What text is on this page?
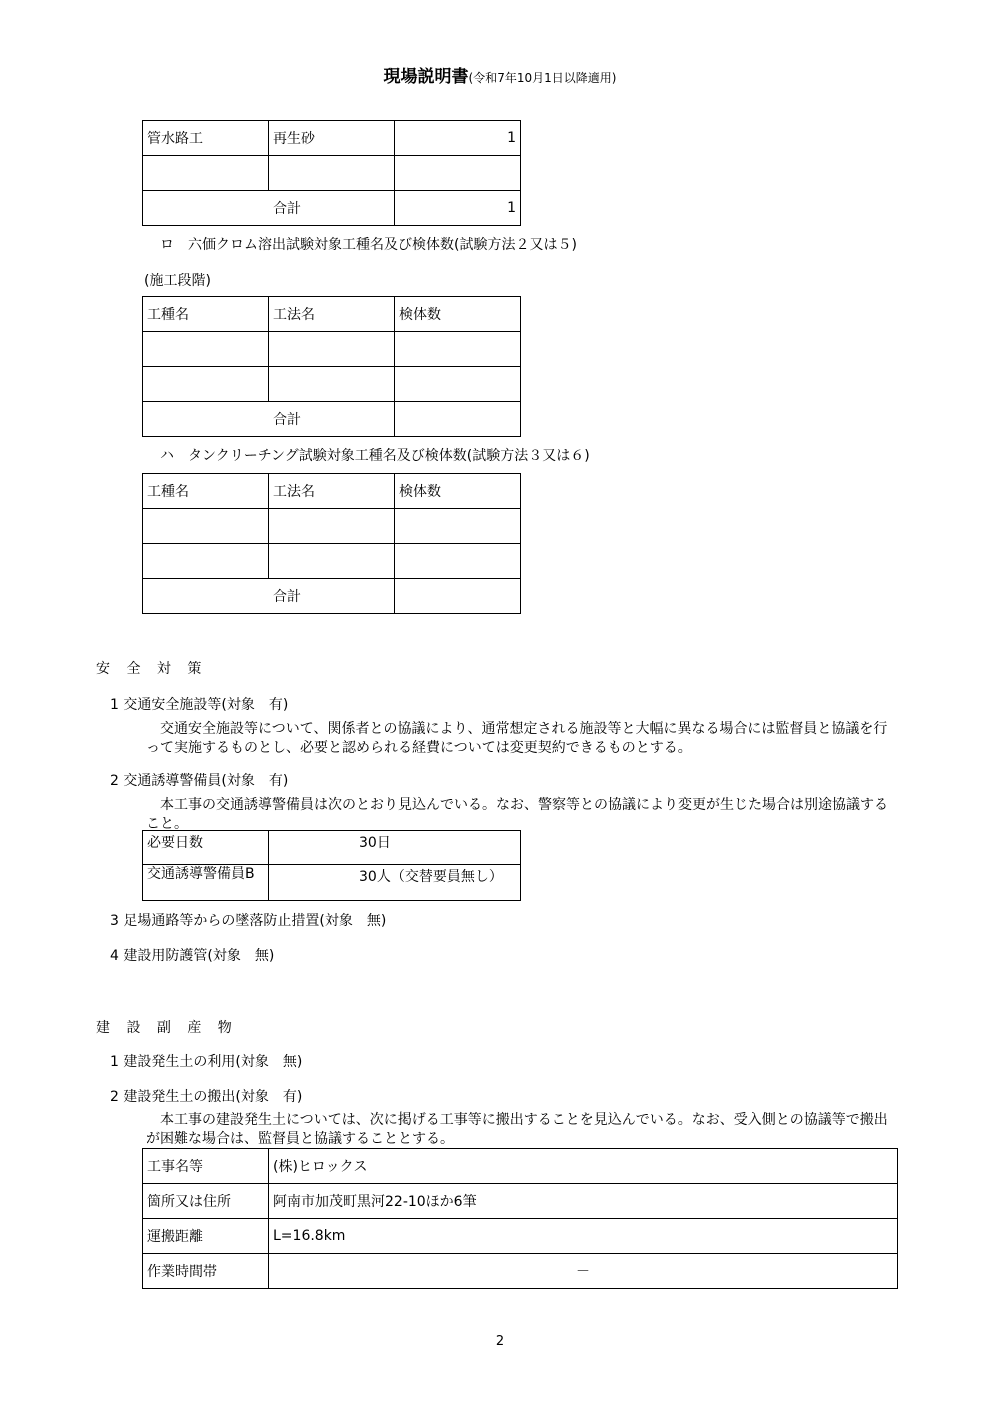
現場説明書(令和7年10月1日以降適用)
管水路工	再生砂	1

合計		1
ロ　六価クロム溶出試験対象工種名及び検体数(試験方法２又は５)
(施工段階)
工種名	工法名	検体数

合計		
ハ　タンクリーチング試験対象工種名及び検体数(試験方法３又は６)
工種名	工法名	検体数

合計		
安 全 対 策
1 交通安全施設等(対象　有)
交通安全施設等について、関係者との協議により、通常想定される施設等と大幅に異なる場合には監督員と協議を行って実施するものとし、必要と認められる経費については変更契約できるものとする。
2 交通誘導警備員(対象　有)
本工事の交通誘導警備員は次のとおり見込んでいる。なお、警察等との協議により変更が生じた場合は別途協議すること。
必要日数	30日
交通誘導警備員B	30人（交替要員無し）
3 足場通路等からの墜落防止措置(対象　無)
4 建設用防護管(対象　無)
建 設 副 産 物
1 建設発生土の利用(対象　無)
2 建設発生土の搬出(対象　有)
本工事の建設発生土については、次に掲げる工事等に搬出することを見込んでいる。なお、受入側との協議等で搬出が困難な場合は、監督員と協議することとする。
工事名等	(株)ヒロックス
箇所又は住所	阿南市加茂町黒河22-10ほか6筆
運搬距離	L=16.8km
作業時間帯	－
2
